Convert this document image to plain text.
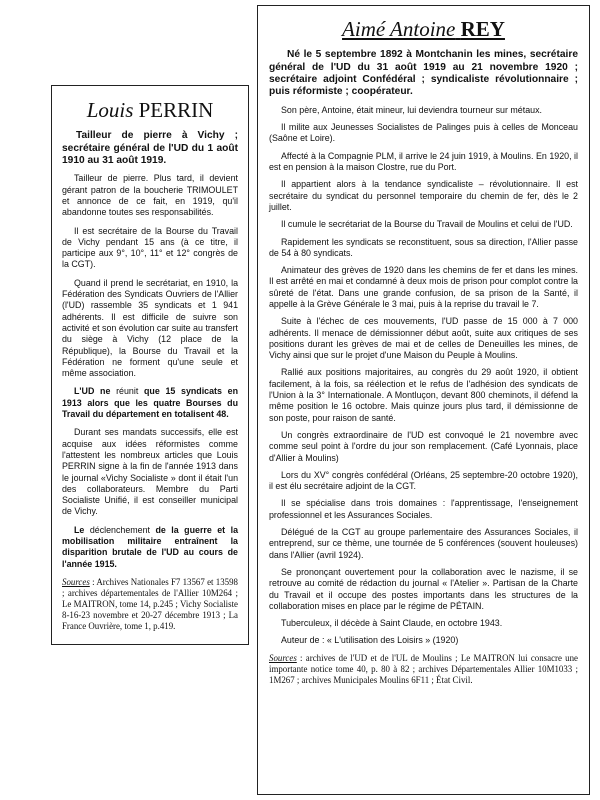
Louis PERRIN

Tailleur de pierre à Vichy ; secrétaire général de l'UD du 1 août 1910 au 31 août 1919.

Tailleur de pierre. Plus tard, il devient gérant patron de la boucherie TRIMOULET et annonce de ce fait, en 1919, qu'il abandonne toutes ses responsabilités.

Il est secrétaire de la Bourse du Travail de Vichy pendant 15 ans (à ce titre, il participe aux 9°, 10°, 11° et 12° congrès de la CGT).

Quand il prend le secrétariat, en 1910, la Fédération des Syndicats Ouvriers de l'Allier (l'UD) rassemble 35 syndicats et 1 941 adhérents. Il est difficile de suivre son activité et son évolution car suite au transfert du siège à Vichy (12 place de la République), la Bourse du Travail et la Fédération ne forment qu'une seule et même association.

L'UD ne réunit que 15 syndicats en 1913 alors que les quatre Bourses du Travail du département en totalisent 48.

Durant ses mandats successifs, elle est acquise aux idées réformistes comme l'attestent les nombreux articles que Louis PERRIN signe à la fin de l'année 1913 dans le journal «Vichy Socialiste » dont il était l'un des collaborateurs. Membre du Parti Socialiste Unifié, il est conseiller municipal de Vichy.

Le déclenchement de la guerre et la mobilisation militaire entraînent la disparition brutale de l'UD au cours de l'année 1915.

Sources : Archives Nationales F7 13567 et 13598 ; archives départementales de l'Allier 10M264 ; Le MAITRON, tome 14, p.245 ; Vichy Socialiste 8-16-23 novembre et 20-27 décembre 1913 ; La France Ouvrière, tome 1, p.419.

Aimé Antoine REY

Né le 5 septembre 1892 à Montchanin les mines, secrétaire général de l'UD du 31 août 1919 au 21 novembre 1920 ; secrétaire adjoint Confédéral ; syndicaliste révolutionnaire ; puis réformiste ; coopérateur.

Son père, Antoine, était mineur, lui deviendra tourneur sur métaux.

Il milite aux Jeunesses Socialistes de Palinges puis à celles de Monceau (Saône et Loire).

Affecté à la Compagnie PLM, il arrive le 24 juin 1919, à Moulins. En 1920, il est en pension à la maison Clostre, rue du Port.

Il appartient alors à la tendance syndicaliste – révolutionnaire. Il est secrétaire du syndicat du personnel temporaire du chemin de fer, dès le 2 juillet.

Il cumule le secrétariat de la Bourse du Travail de Moulins et celui de l'UD.

Rapidement les syndicats se reconstituent, sous sa direction, l'Allier passe de 54 à 80 syndicats.

Animateur des grèves de 1920 dans les chemins de fer et dans les mines. Il est arrêté en mai et condamné à deux mois de prison pour complot contre la sûreté de l'état. Dans une grande confusion, de sa prison de la Santé, il appelle à la Grève Générale le 3 mai, puis à la reprise du travail le 7.

Suite à l'échec de ces mouvements, l'UD passe de 15 000 à 7 000 adhérents. Il menace de démissionner début août, suite aux critiques de ses positions durant les grèves de mai et de celles de Deneuilles les mines, de Vichy ainsi que sur le projet d'une Maison du Peuple à Moulins.

Rallié aux positions majoritaires, au congrès du 29 août 1920, il obtient facilement, à la fois, sa réélection et le refus de l'adhésion des syndicats de l'Union à la 3° Internationale. A Montluçon, devant 800 cheminots, il défend la même position le 16 octobre. Mais quinze jours plus tard, il démissionne de son poste, pour raison de santé.

Un congrès extraordinaire de l'UD est convoqué le 21 novembre avec comme seul point à l'ordre du jour son remplacement. (Café Lyonnais, place d'Allier à Moulins)

Lors du XV° congrès confédéral (Orléans, 25 septembre-20 octobre 1920), il est élu secrétaire adjoint de la CGT.

Il se spécialise dans trois domaines : l'apprentissage, l'enseignement professionnel et les Assurances Sociales.

Délégué de la CGT au groupe parlementaire des Assurances Sociales, il entreprend, sur ce thème, une tournée de 5 conférences (souvent houleuses) dans l'Allier (avril 1924).

Se prononçant ouvertement pour la collaboration avec le nazisme, il se retrouve au comité de rédaction du journal « l'Atelier ». Partisan de la Charte du Travail et il occupe des postes importants dans les structures de la collaboration mises en place par le régime de PÉTAIN.

Tuberculeux, il décède à Saint Claude, en octobre 1943.

Auteur de : « L'utilisation des Loisirs » (1920)

Sources : archives de l'UD et de l'UL de Moulins ; Le MAITRON lui consacre une importante notice tome 40, p. 80 à 82 ; archives Départementales Allier 10M1033 ; 1M267 ; archives Municipales Moulins 6F11 ; État Civil.
